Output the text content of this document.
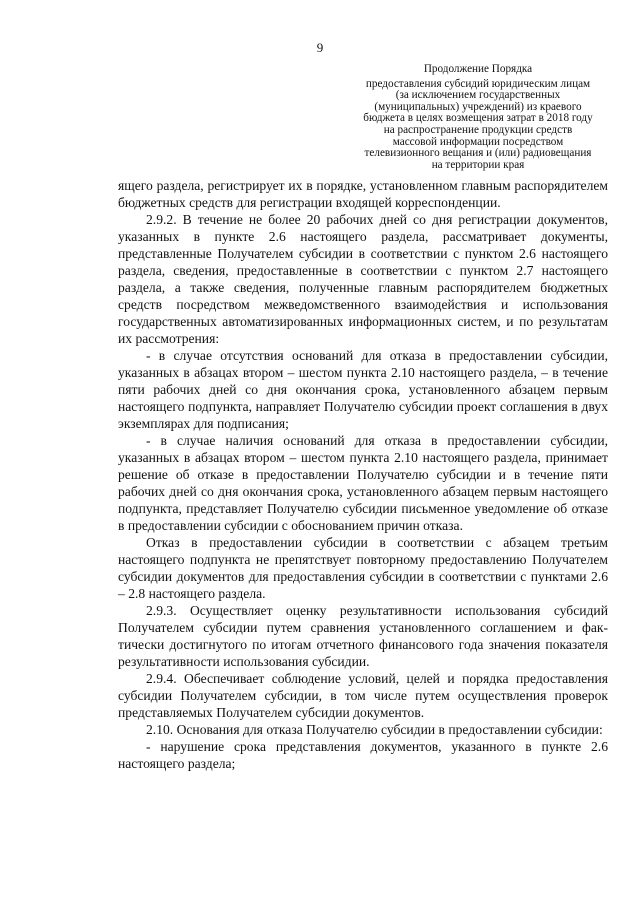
9
Продолжение Порядка
предоставления субсидий юридическим лицам (за исключением государственных (муниципальных) учреждений) из краевого бюджета в целях возмещения затрат в 2018 году на распространение продукции средств массовой информации посредством телевизионного вещания и (или) радиовещания на территории края

ящего раздела, регистрирует их в порядке, установленном главным распорядителем бюджетных средств для регистрации входящей корреспонденции.

2.9.2. В течение не более 20 рабочих дней со дня регистрации документов, указанных в пункте 2.6 настоящего раздела, рассматривает документы, представленные Получателем субсидии в соответствии с пунктом 2.6 настоящего раздела, сведения, предоставленные в соответствии с пунктом 2.7 настоящего раздела, а также сведения, полученные главным распорядителем бюджетных средств посредством межведомственного взаимодействия и использования государственных автоматизированных информационных систем, и по результатам их рассмотрения:

- в случае отсутствия оснований для отказа в предоставлении субсидии, указанных в абзацах втором – шестом пункта 2.10 настоящего раздела, – в течение пяти рабочих дней со дня окончания срока, установленного абзацем первым настоящего подпункта, направляет Получателю субсидии проект соглашения в двух экземплярах для подписания;

- в случае наличия оснований для отказа в предоставлении субсидии, указанных в абзацах втором – шестом пункта 2.10 настоящего раздела, принимает решение об отказе в предоставлении Получателю субсидии и в течение пяти рабочих дней со дня окончания срока, установленного абзацем первым настоящего подпункта, представляет Получателю субсидии письменное уведомление об отказе в предоставлении субсидии с обоснованием причин отказа.

Отказ в предоставлении субсидии в соответствии с абзацем третьим настоящего подпункта не препятствует повторному предоставлению Получателем субсидии документов для предоставления субсидии в соответствии с пунктами 2.6 – 2.8 настоящего раздела.

2.9.3. Осуществляет оценку результативности использования субсидий Получателем субсидии путем сравнения установленного соглашением и фактически достигнутого по итогам отчетного финансового года значения показателя результативности использования субсидии.

2.9.4. Обеспечивает соблюдение условий, целей и порядка предоставления субсидии Получателем субсидии, в том числе путем осуществления проверок представляемых Получателем субсидии документов.

2.10. Основания для отказа Получателю субсидии в предоставлении субсидии:

- нарушение срока представления документов, указанного в пункте 2.6 настоящего раздела;
